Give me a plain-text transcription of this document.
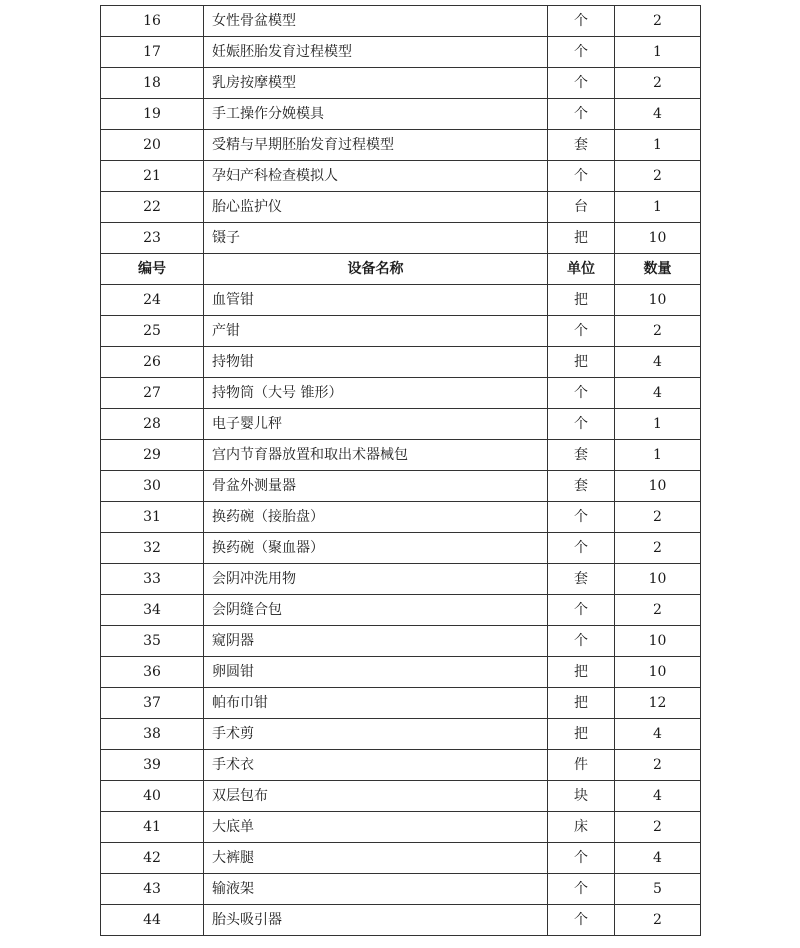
16	女性骨盆模型	个	2
17	妊娠胚胎发育过程模型	个	1
18	乳房按摩模型	个	2
19	手工操作分娩模具	个	4
20	受精与早期胚胎发育过程模型	套	1
21	孕妇产科检查模拟人	个	2
22	胎心监护仪	台	1
23	镊子	把	10
编号	设备名称	单位	数量
24	血管钳	把	10
25	产钳	个	2
26	持物钳	把	4
27	持物筒（大号 锥形）	个	4
28	电子婴儿秤	个	1
29	宫内节育器放置和取出术器械包	套	1
30	骨盆外测量器	套	10
31	换药碗（接胎盘）	个	2
32	换药碗（聚血器）	个	2
33	会阴冲洗用物	套	10
34	会阴缝合包	个	2
35	窥阴器	个	10
36	卵圆钳	把	10
37	帕布巾钳	把	12
38	手术剪	把	4
39	手术衣	件	2
40	双层包布	块	4
41	大底单	床	2
42	大裤腿	个	4
43	输液架	个	5
44	胎头吸引器	个	2
